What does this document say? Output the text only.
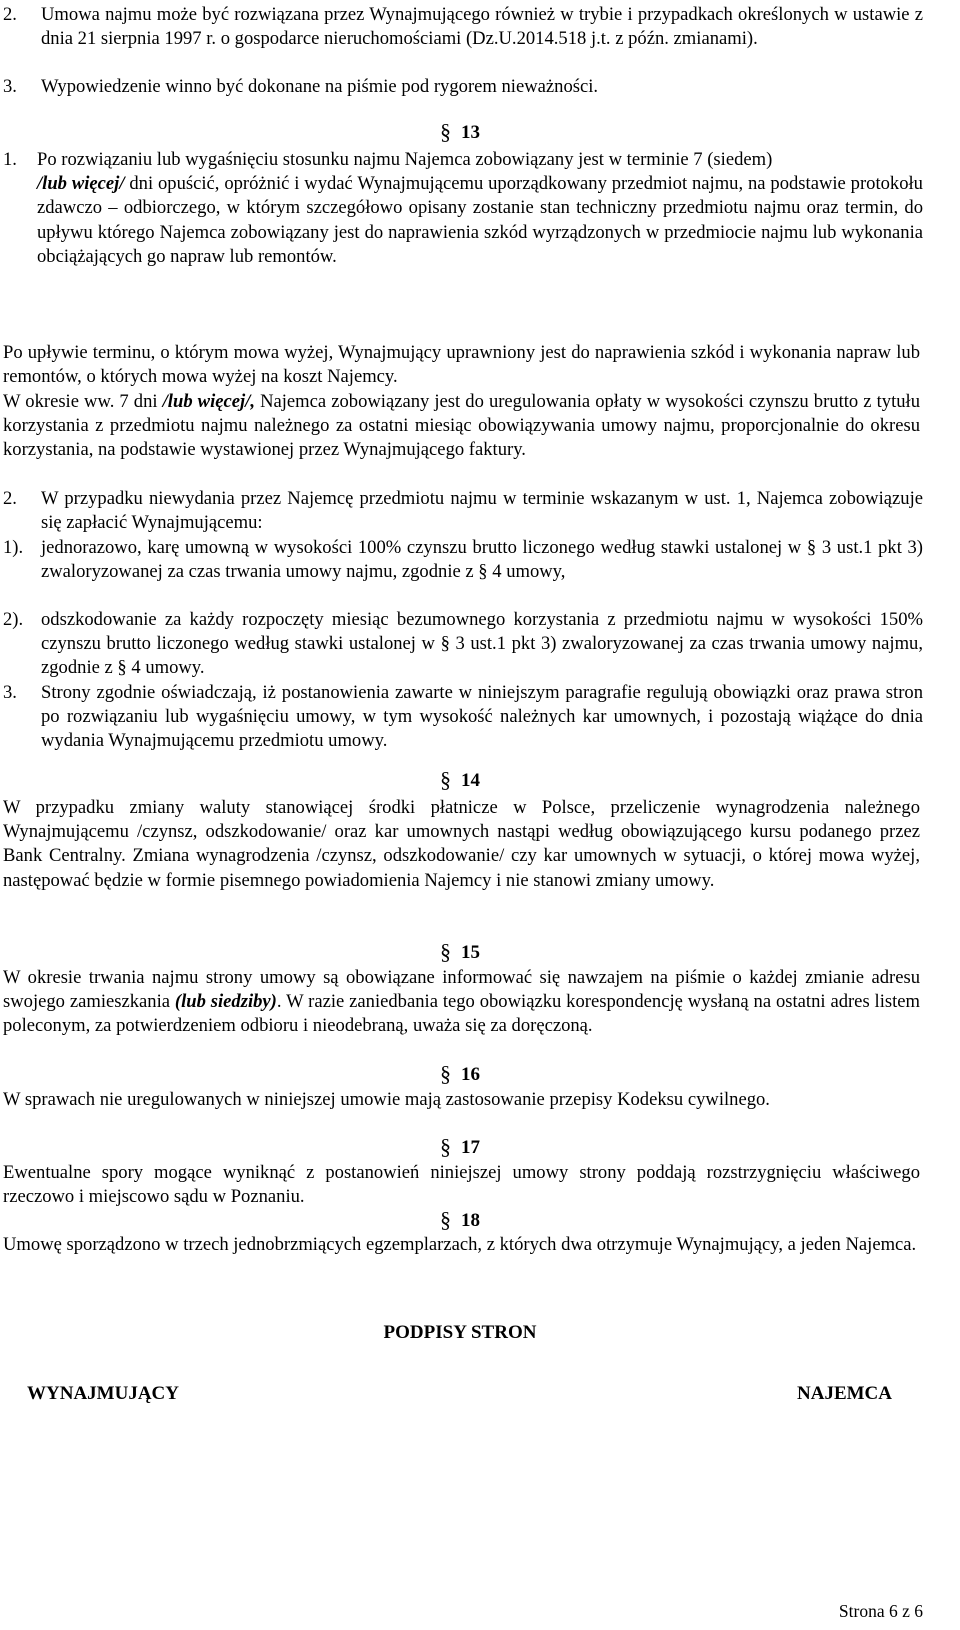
2.	Umowa najmu może być rozwiązana przez Wynajmującego również w trybie i przypadkach określonych w ustawie z dnia 21 sierpnia 1997 r. o gospodarce nieruchomościami (Dz.U.2014.518 j.t. z późn. zmianami).

3.	Wypowiedzenie winno być dokonane na piśmie pod rygorem nieważności.

§ 13
1.	Po rozwiązaniu lub wygaśnięciu stosunku najmu Najemca zobowiązany jest w terminie 7 (siedem)
/lub więcej/ dni opuścić, opróżnić i wydać Wynajmującemu uporządkowany przedmiot najmu, na podstawie protokołu zdawczo – odbiorczego, w którym szczegółowo opisany zostanie stan techniczny przedmiotu najmu oraz termin, do upływu którego Najemca zobowiązany jest do naprawienia szkód wyrządzonych w przedmiocie najmu lub wykonania obciążających go napraw lub remontów.

Po upływie terminu, o którym mowa wyżej, Wynajmujący uprawniony jest do naprawienia szkód i wykonania napraw lub remontów, o których mowa wyżej na koszt Najemcy.

W okresie ww. 7 dni /lub więcej/, Najemca zobowiązany jest do uregulowania opłaty w wysokości czynszu brutto z tytułu korzystania z przedmiotu najmu należnego za ostatni miesiąc obowiązywania umowy najmu, proporcjonalnie do okresu korzystania, na podstawie wystawionej przez Wynajmującego faktury.

2.	W przypadku niewydania przez Najemcę przedmiotu najmu w terminie wskazanym w ust. 1, Najemca zobowiązuje się zapłacić Wynajmującemu:

1). jednorazowo, karę umowną w wysokości 100% czynszu brutto liczonego według stawki ustalonej w § 3 ust.1 pkt 3) zwaloryzowanej za czas trwania umowy najmu, zgodnie z § 4 umowy,

2). odszkodowanie za każdy rozpoczęty miesiąc bezumownego korzystania z przedmiotu najmu w wysokości 150% czynszu brutto liczonego według stawki ustalonej w § 3 ust.1 pkt 3) zwaloryzowanej za czas trwania umowy najmu, zgodnie z § 4 umowy.

3.	Strony zgodnie oświadczają, iż postanowienia zawarte w niniejszym paragrafie regulują obowiązki oraz prawa stron po rozwiązaniu lub wygaśnięciu umowy, w tym wysokość należnych kar umownych, i pozostają wiążące do dnia wydania Wynajmującemu przedmiotu umowy.

§ 14

W przypadku zmiany waluty stanowiącej środki płatnicze w Polsce, przeliczenie wynagrodzenia należnego Wynajmującemu /czynsz, odszkodowanie/ oraz kar umownych nastąpi według obowiązującego kursu podanego przez Bank Centralny. Zmiana wynagrodzenia /czynsz, odszkodowanie/ czy kar umownych w sytuacji, o której mowa wyżej, następować będzie w formie pisemnego powiadomienia Najemcy i nie stanowi zmiany umowy.

§ 15

W okresie trwania najmu strony umowy są obowiązane informować się nawzajem na piśmie o każdej zmianie adresu swojego zamieszkania (lub siedziby). W razie zaniedbania tego obowiązku korespondencję wysłaną na ostatni adres listem poleconym, za potwierdzeniem odbioru i nieodebraną, uważa się za doręczoną.

§ 16

W sprawach nie uregulowanych w niniejszej umowie mają zastosowanie przepisy Kodeksu cywilnego.

§ 17

Ewentualne spory mogące wyniknąć z postanowień niniejszej umowy strony poddają rozstrzygnięciu właściwego rzeczowo i miejscowo sądu w Poznaniu.

§ 18

Umowę sporządzono w trzech jednobrzmiących egzemplarzach, z których dwa otrzymuje Wynajmujący, a jeden Najemca.

PODPISY STRON
WYNAJMUJĄCY	NAJEMCA
Strona 6 z 6
